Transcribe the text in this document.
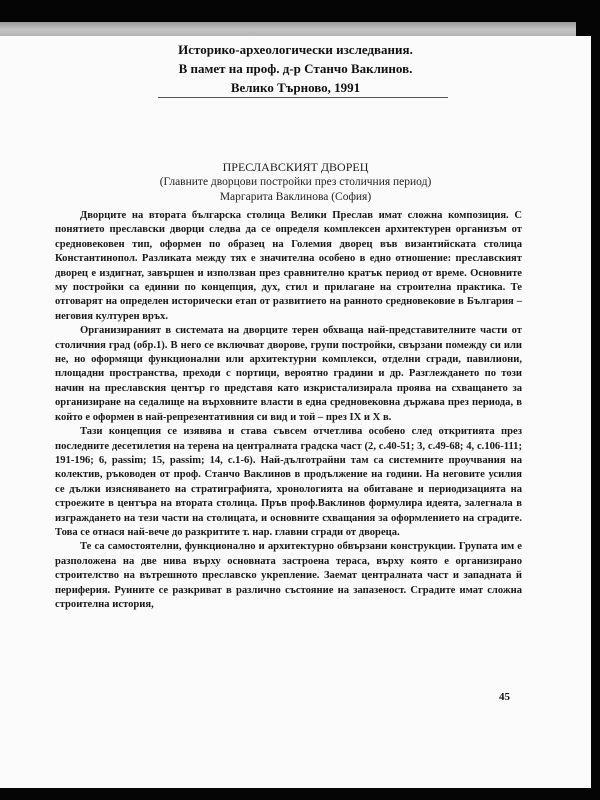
Историко-археологически изследвания.
В памет на проф. д-р Станчо Ваклинов.
Велико Търново, 1991
ПРЕСЛАВСКИЯТ ДВОРЕЦ
(Главните дворцови постройки през столичния период)
Маргарита Ваклинова (София)

Дворците на втората българска столица Велики Преслав имат сложна композиция. С понятието преславски дворци следва да се определя комплексен архитектурен организъм от средновековен тип, оформен по образец на Големия дворец във византийската столица Константинопол. Разликата между тях е значителна особено в едно отношение: преславският дворец е издигнат, завършен и използван през сравнително кратък период от време. Основните му постройки са единни по концепция, дух, стил и прилагане на строителна практика. Те отговарят на определен исторически етап от развитието на ранното средновековие в България – неговия културен връх.

Организираният в системата на дворците терен обхваща най-представителните части от столичния град (обр.1). В него се включват дворове, групи постройки, свързани помежду си или не, но оформящи функционални или архитектурни комплекси, отделни сгради, павилиони, площадни пространства, преходи с портици, вероятно градини и др. Разглеждането по този начин на преславския център го представя като изкристализирала проява на схващането за организиране на седалище на върховните власти в една средновековна държава през периода, в който е оформен в най-репрезентативния си вид и той – през IX и X в.

Тази концепция се изявява и става съвсем отчетлива особено след откритията през последните десетилетия на терена на централната градска част (2, с.40-51; 3, с.49-68; 4, с.106-111; 191-196; 6, passim; 15, passim; 14, с.1-6). Най-дълготрайни там са системните проучвания на колектив, ръководен от проф. Станчо Ваклинов в продължение на години. На неговите усилия се дължи изясняването на стратиграфията, хронологията на обитаване и периодизацията на строежите в центъра на втората столица. Пръв проф.Ваклинов формулира идеята, залегнала в изграждането на тези части на столицата, и основните схващания за оформлението на сградите. Това се отнася най-вече до разкритите т. нар. главни сгради от двореца.

Те са самостоятелни, функционално и архитектурно обвързани конструкции. Групата им е разположена на две нива върху основната застроена тераса, върху която е организирано строителство на вътрешното преславско укрепление. Заемат централната част и западната й периферия. Руините се разкриват в различно състояние на запазеност. Сградите имат сложна строителна история,

45
